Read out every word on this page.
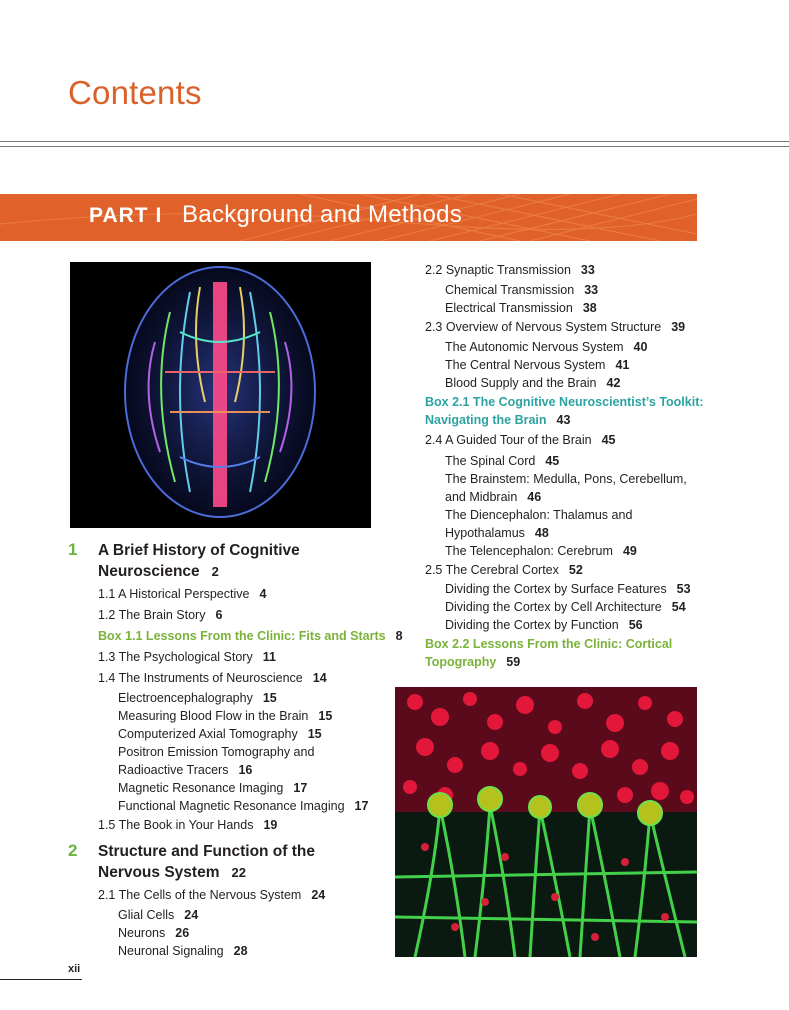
Contents
PART I Background and Methods
1 A Brief History of Cognitive
Neuroscience 2
1.1 A Historical Perspective 4
1.2 The Brain Story 6
Box 1.1 Lessons From the Clinic: Fits and Starts 8
1.3 The Psychological Story 11
1.4 The Instruments of Neuroscience 14
Electroencephalography 15
Measuring Blood Flow in the Brain 15
Computerized Axial Tomography 15
Positron Emission Tomography and
Radioactive Tracers 16
Magnetic Resonance Imaging 17
Functional Magnetic Resonance Imaging 17
1.5 The Book in Your Hands 19
2 Structure and Function of the
Nervous System 22
2.1 The Cells of the Nervous System 24
Glial Cells 24
Neurons 26
Neuronal Signaling 28
2.2 Synaptic Transmission 33
Chemical Transmission 33
Electrical Transmission 38
2.3 Overview of Nervous System Structure 39
The Autonomic Nervous System 40
The Central Nervous System 41
Blood Supply and the Brain 42
Box 2.1 The Cognitive Neuroscientist’s Toolkit:
Navigating the Brain 43
2.4 A Guided Tour of the Brain 45
The Spinal Cord 45
The Brainstem: Medulla, Pons, Cerebellum,
and Midbrain 46
The Diencephalon: Thalamus and
Hypothalamus 48
The Telencephalon: Cerebrum 49
2.5 The Cerebral Cortex 52
Dividing the Cortex by Surface Features 53
Dividing the Cortex by Cell Architecture 54
Dividing the Cortex by Function 56
Box 2.2 Lessons From the Clinic: Cortical
Topography 59
xii
